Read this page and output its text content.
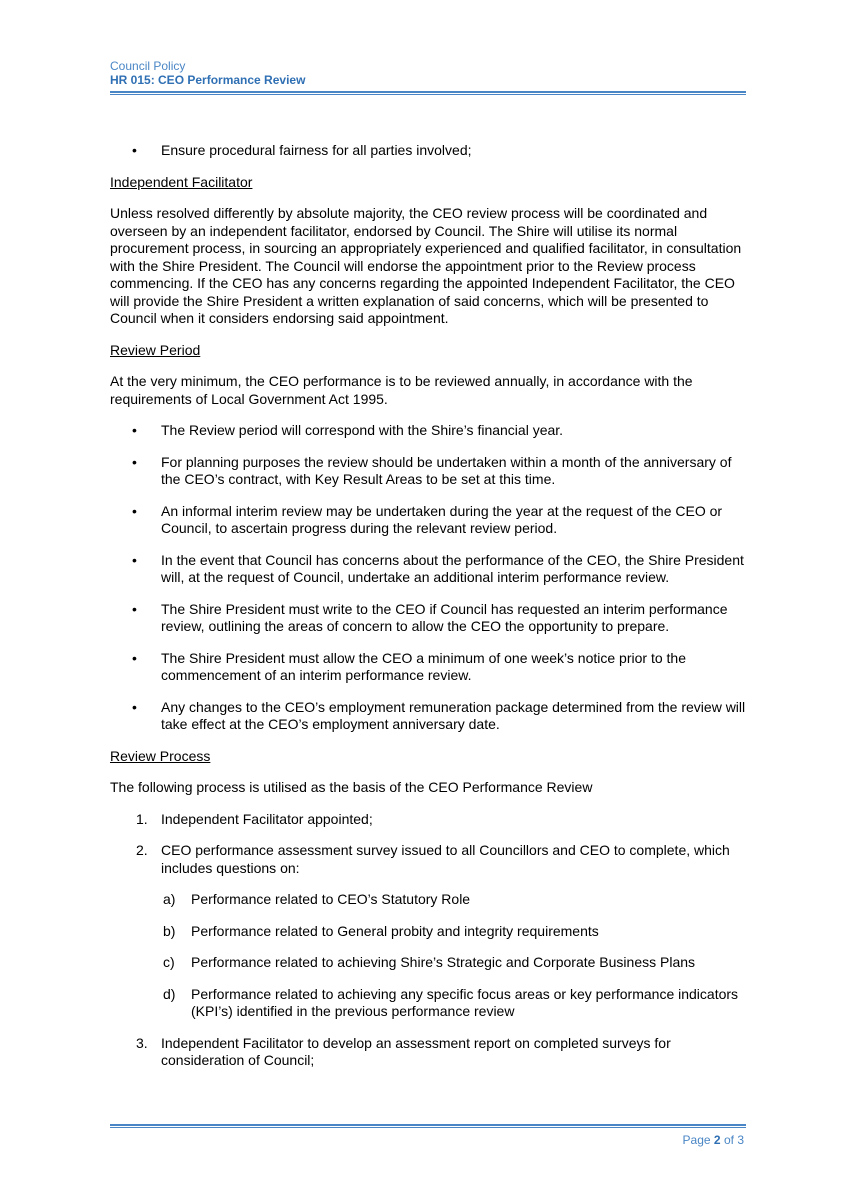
Council Policy
HR 015: CEO Performance Review
• Ensure procedural fairness for all parties involved;

Independent Facilitator

Unless resolved differently by absolute majority, the CEO review process will be coordinated and overseen by an independent facilitator, endorsed by Council. The Shire will utilise its normal procurement process, in sourcing an appropriately experienced and qualified facilitator, in consultation with the Shire President. The Council will endorse the appointment prior to the Review process commencing. If the CEO has any concerns regarding the appointed Independent Facilitator, the CEO will provide the Shire President a written explanation of said concerns, which will be presented to Council when it considers endorsing said appointment.

Review Period

At the very minimum, the CEO performance is to be reviewed annually, in accordance with the requirements of Local Government Act 1995.

• The Review period will correspond with the Shire’s financial year.
• For planning purposes the review should be undertaken within a month of the anniversary of the CEO’s contract, with Key Result Areas to be set at this time.
• An informal interim review may be undertaken during the year at the request of the CEO or Council, to ascertain progress during the relevant review period.
• In the event that Council has concerns about the performance of the CEO, the Shire President will, at the request of Council, undertake an additional interim performance review.
• The Shire President must write to the CEO if Council has requested an interim performance review, outlining the areas of concern to allow the CEO the opportunity to prepare.
• The Shire President must allow the CEO a minimum of one week’s notice prior to the commencement of an interim performance review.
• Any changes to the CEO’s employment remuneration package determined from the review will take effect at the CEO’s employment anniversary date.

Review Process

The following process is utilised as the basis of the CEO Performance Review

1. Independent Facilitator appointed;
2. CEO performance assessment survey issued to all Councillors and CEO to complete, which includes questions on:
a) Performance related to CEO’s Statutory Role
b) Performance related to General probity and integrity requirements
c) Performance related to achieving Shire’s Strategic and Corporate Business Plans
d) Performance related to achieving any specific focus areas or key performance indicators (KPI’s) identified in the previous performance review
3. Independent Facilitator to develop an assessment report on completed surveys for consideration of Council;
Page 2 of 3
